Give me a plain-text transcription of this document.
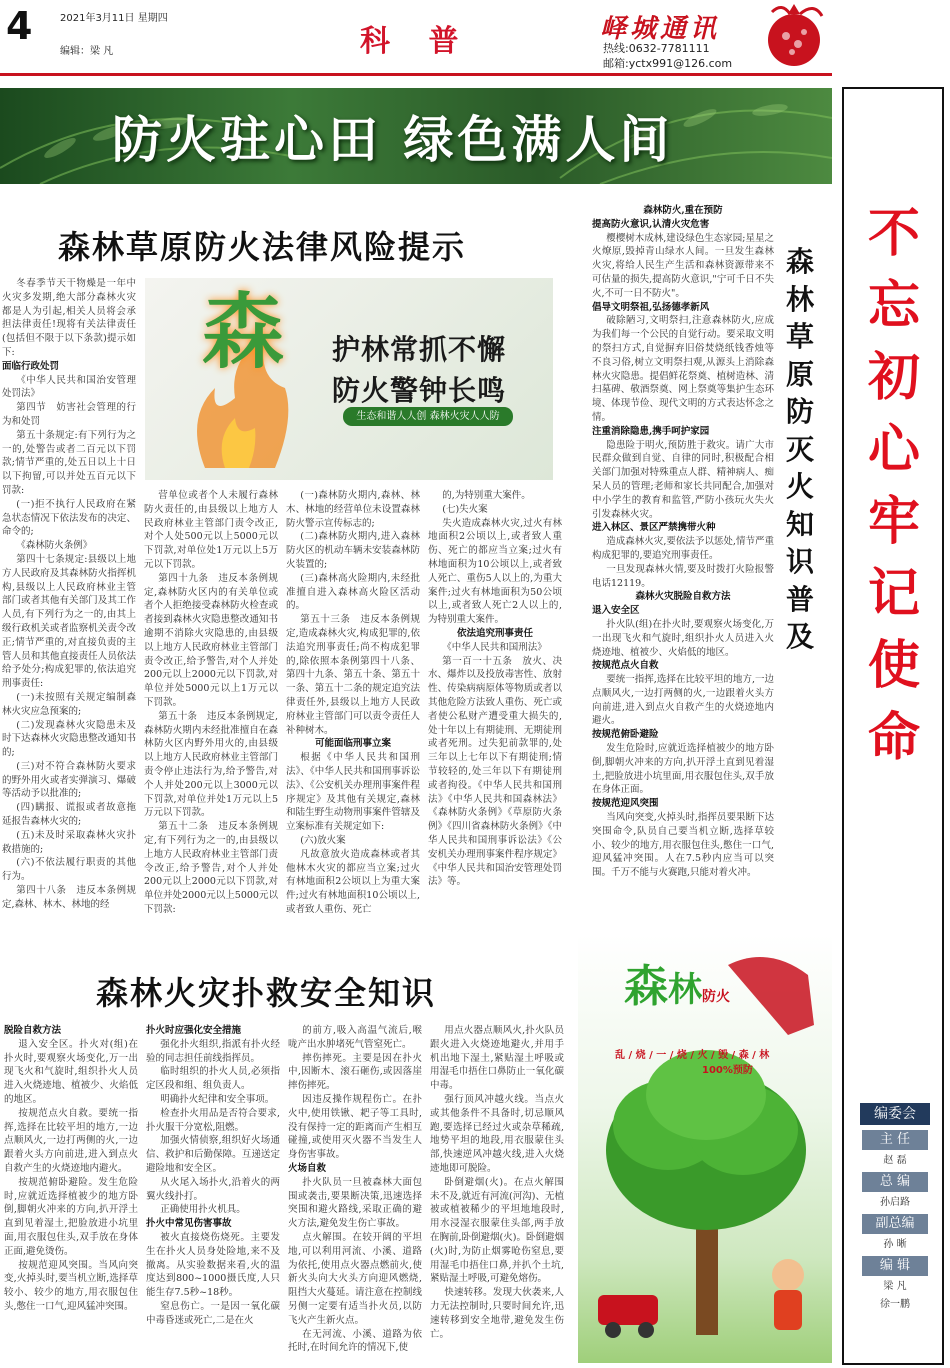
4	2021年3月11日 星期四
编辑：梁 凡	科 普	峄城通讯
热线:0632-7781111
邮箱:yctx991@126.com
防火驻心田 绿色满人间
森林草原防火法律风险提示
森	护林常抓不懈
防火警钟长鸣
生态和谐人人创 森林火灾人人防

冬春季节天干物燥是一年中火灾多发期,绝大部分森林火灾都是人为引起,相关人员将会承担法律责任!现将有关法律责任(包括但不限于以下条款)提示如下:

面临行政处罚

《中华人民共和国治安管理处罚法》

第四节　妨害社会管理的行为和处罚

第五十条规定:有下列行为之一的,处警告或者二百元以下罚款;情节严重的,处五日以上十日以下拘留,可以并处五百元以下罚款:

(一)拒不执行人民政府在紧急状态情况下依法发布的决定、命令的;

《森林防火条例》

第四十七条规定:县级以上地方人民政府及其森林防火指挥机构,县级以上人民政府林业主管部门或者其他有关部门及其工作人员,有下列行为之一的,由其上级行政机关或者监察机关责令改正;情节严重的,对直接负责的主管人员和其他直接责任人员依法给予处分;构成犯罪的,依法追究刑事责任:

(一)未按照有关规定编制森林火灾应急预案的;

(二)发现森林火灾隐患未及时下达森林火灾隐患整改通知书的;

(三)对不符合森林防火要求的野外用火或者实弹演习、爆破等活动予以批准的;

(四)瞒报、谎报或者故意拖延报告森林火灾的;

(五)未及时采取森林火灾扑救措施的;

(六)不依法履行职责的其他行为。

第四十八条　违反本条例规定,森林、林木、林地的经

营单位或者个人未履行森林防火责任的,由县级以上地方人民政府林业主管部门责令改正,对个人处500元以上5000元以下罚款,对单位处1万元以上5万元以下罚款。

第四十九条　违反本条例规定,森林防火区内的有关单位或者个人拒绝接受森林防火检查或者接到森林火灾隐患整改通知书逾期不消除火灾隐患的,由县级以上地方人民政府林业主管部门责令改正,给予警告,对个人并处200元以上2000元以下罚款,对单位并处5000元以上1万元以下罚款。

第五十条　违反本条例规定,森林防火期内未经批准擅自在森林防火区内野外用火的,由县级以上地方人民政府林业主管部门责令停止违法行为,给予警告,对个人并处200元以上3000元以下罚款,对单位并处1万元以上5万元以下罚款。

第五十二条　违反本条例规定,有下列行为之一的,由县级以上地方人民政府林业主管部门责令改正,给予警告,对个人并处200元以上2000元以下罚款,对单位并处2000元以上5000元以下罚款:

(一)森林防火期内,森林、林木、林地的经营单位未设置森林防火警示宣传标志的;

(二)森林防火期内,进入森林防火区的机动车辆未安装森林防火装置的;

(三)森林高火险期内,未经批准擅自进入森林高火险区活动的。

第五十三条　违反本条例规定,造成森林火灾,构成犯罪的,依法追究刑事责任;尚不构成犯罪的,除依照本条例第四十八条、第四十九条、第五十条、第五十一条、第五十二条的规定追究法律责任外,县级以上地方人民政府林业主管部门可以责令责任人补种树木。

可能面临刑事立案

根据《中华人民共和国刑法》、《中华人民共和国刑事诉讼法》、《公安机关办理刑事案件程序规定》及其他有关规定,森林和陆生野生动物刑事案件管辖及立案标准有关规定如下:

(六)放火案

凡故意放火造成森林或者其他林木火灾的都应当立案;过火有林地面积2公顷以上为重大案件;过火有林地面积10公顷以上,或者致人重伤、死亡

的,为特别重大案件。

(七)失火案

失火造成森林火灾,过火有林地面积2公顷以上,或者致人重伤、死亡的都应当立案;过火有林地面积为10公顷以上,或者致人死亡、重伤5人以上的,为重大案件;过火有林地面积为50公顷以上,或者致人死亡2人以上的,为特别重大案件。

依法追究刑事责任

《中华人民共和国刑法》

第一百一十五条　放火、决水、爆炸以及投放毒害性、放射性、传染病病原体等物质或者以其他危险方法致人重伤、死亡或者使公私财产遭受重大损失的,处十年以上有期徒刑、无期徒刑或者死刑。过失犯前款罪的,处三年以上七年以下有期徒刑;情节较轻的,处三年以下有期徒刑或者拘役。《中华人民共和国刑法》《中华人民共和国森林法》《森林防火条例》《草原防火条例》《四川省森林防火条例》《中华人民共和国刑事诉讼法》《公安机关办理刑事案件程序规定》《中华人民共和国治安管理处罚法》等。

森林防火,重在预防

提高防火意识,认清火灾危害

樱樱树木成林,建设绿色生态家园;星星之火燎原,毁掉青山绿水人间。一旦发生森林火灾,将给人民生产生活和森林资源带来不可估量的损失,提高防火意识,"宁可千日不失火,不可一日不防火"。

倡导文明祭祖,弘扬德孝新风

破除陋习,文明祭扫,注意森林防火,应成为我们每一个公民的自觉行动。要采取文明的祭扫方式,自觉摒弃旧俗焚烧纸钱香烛等不良习俗,树立文明祭扫观,从源头上消除森林火灾隐患。提倡鲜花祭奠、植树造林、清扫墓碑、敬酒祭奠、网上祭奠等集护生态环境、体现节俭、现代文明的方式表达怀念之情。

注重消除隐患,携手呵护家园

隐患险于明火,预防胜于救灾。请广大市民群众做到自觉、自律的同时,积极配合相关部门加强对特殊重点人群、精神病人、痴呆人员的管理;老师和家长共同配合,加强对中小学生的教育和监管,严防小孩玩火失火引发森林火灾。

进入林区、景区严禁携带火种

造成森林火灾,要依法予以惩处,情节严重构成犯罪的,要追究刑事责任。

一旦发现森林火情,要及时拨打火险报警电话12119。

森林火灾脱险自救方法

退入安全区

扑火队(组)在扑火时,要观察火场变化,万一出现飞火和气旋时,组织扑火人员进入火烧迹地、植被少、火焰低的地区。

按规范点火自救

要统一指挥,选择在比较平坦的地方,一边点顺风火,一边打两侧的火,一边跟着火头方向前进,进入到点火自救产生的火烧迹地内避火。

按规范俯卧避险

发生危险时,应就近选择植被少的地方卧倒,脚朝火冲来的方向,扒开浮土直到见着湿土,把脸放进小坑里面,用衣服包住头,双手放在身体正面。

按规范迎风突围

当风向突变,火掉头时,指挥员要果断下达突围命令,队员自己要当机立断,选择草较小、较少的地方,用衣服包住头,憋住一口气,迎风猛冲突围。人在7.5秒内应当可以突围。千万不能与火赛跑,只能对着火冲。

森林火灾扑救安全知识

脱险自救方法

退入安全区。扑火对(组)在扑火时,要观察火场变化,万一出现飞火和气旋时,组织扑火人员进入火烧迹地、植被少、火焰低的地区。

按规范点火自救。要统一指挥,选择在比较平坦的地方,一边点顺风火,一边打两侧的火,一边跟着火头方向前进,进入到点火自救产生的火烧迹地内避火。

按规范俯卧避险。发生危险时,应就近选择植被少的地方卧倒,脚朝火冲来的方向,扒开浮土直到见着湿土,把脸放进小坑里面,用衣服包住头,双手放在身体正面,避免烫伤。

按规范迎风突围。当风向突变,火掉头时,要当机立断,选择草较小、较少的地方,用衣服包住头,憋住一口气,迎风猛冲突围。

扑火时应强化安全措施

强化扑火组织,指派有扑火经验的同志担任前线指挥员。

临时组织的扑火人员,必须指定区段和组、组负责人。

明确扑火纪律和安全事项。

检查扑火用品是否符合要求,扑火服干分宽松,阻燃。

加强火情侦察,组织好火场通信、救护和后勤保障。互递送定避险地和安全区。

从火尾入场扑火,沿着火的两翼火线扑打。

正确使用扑火机具。

扑火中常见伤害事故

被火直接烧伤烧死。主要发生在扑火人员身处险地,来不及撤离。从实验数据来看,火的温度达到800~1000摄氏度,人只能生存7.5秒~18秒。

窒息伤亡。一是因一氧化碳中毒昏迷或死亡,二是在火

的前方,吸入高温气流后,喉咙产出水肿堵死气管窒死亡。

摔伤摔死。主要是因在扑火中,因断木、滚石砸伤,或因落崖摔伤摔死。

因违反操作规程伤亡。在扑火中,使用铁锹、耙子等工具时,没有保持一定的距离而产生相互碰撞,或使用灭火器不当发生人身伤害事故。

火场自救

扑火队员一旦被森林大面包围或袭击,要果断决策,迅速选择突围和避火路线,采取正确的避火方法,避免发生伤亡事故。

点火解围。在较开阔的平坦地,可以利用河流、小溪、道路为依托,使用点火器点燃前火,使新火头向大火头方向迎风燃烧,阻挡大火蔓延。请注意在控制线另侧一定要有适当扑火员,以防飞火产生新火点。

在无河流、小溪、道路为依托时,在时间允许的情况下,使

用点火器点顺风火,扑火队员跟火进入火烧迹地避火,并用手机出地下湿土,紧贴湿土呼吸或用湿毛巾捂住口鼻防止一氧化碳中毒。

强行顶风冲越火线。当点火或其他条件不具备时,切忌顺风跑,要选择已经过火或杂草稀疏,地势平坦的地段,用衣服蒙住头部,快速逆风冲越火线,进入火烧迹地即可脱险。

卧倒避烟(火)。在点火解围未不及,就近有河流(河沟)、无植被或植被稀少的平坦地地段时,用水浸湿衣服蒙住头部,两手放在胸前,卧倒避烟(火)。卧倒避烟(火)时,为防止烟雾呛伤窒息,要用湿毛巾捂住口鼻,并扒个土坑,紧贴湿土呼吸,可避免熔伤。

快速转移。发现大伙袭来,人力无法控制时,只要时间允许,迅速转移到安全地带,避免发生伤亡。

森林防火
乱 / 烧 / 一 / 烧 / 火 / 毁 / 森 / 林
100%预防
不忘初心牢记使命
森林草原防灭火知识普及
编委会
主 任
赵 磊
总 编
孙启路
副总编
孙 晰
编 辑
梁 凡
徐一鹏
